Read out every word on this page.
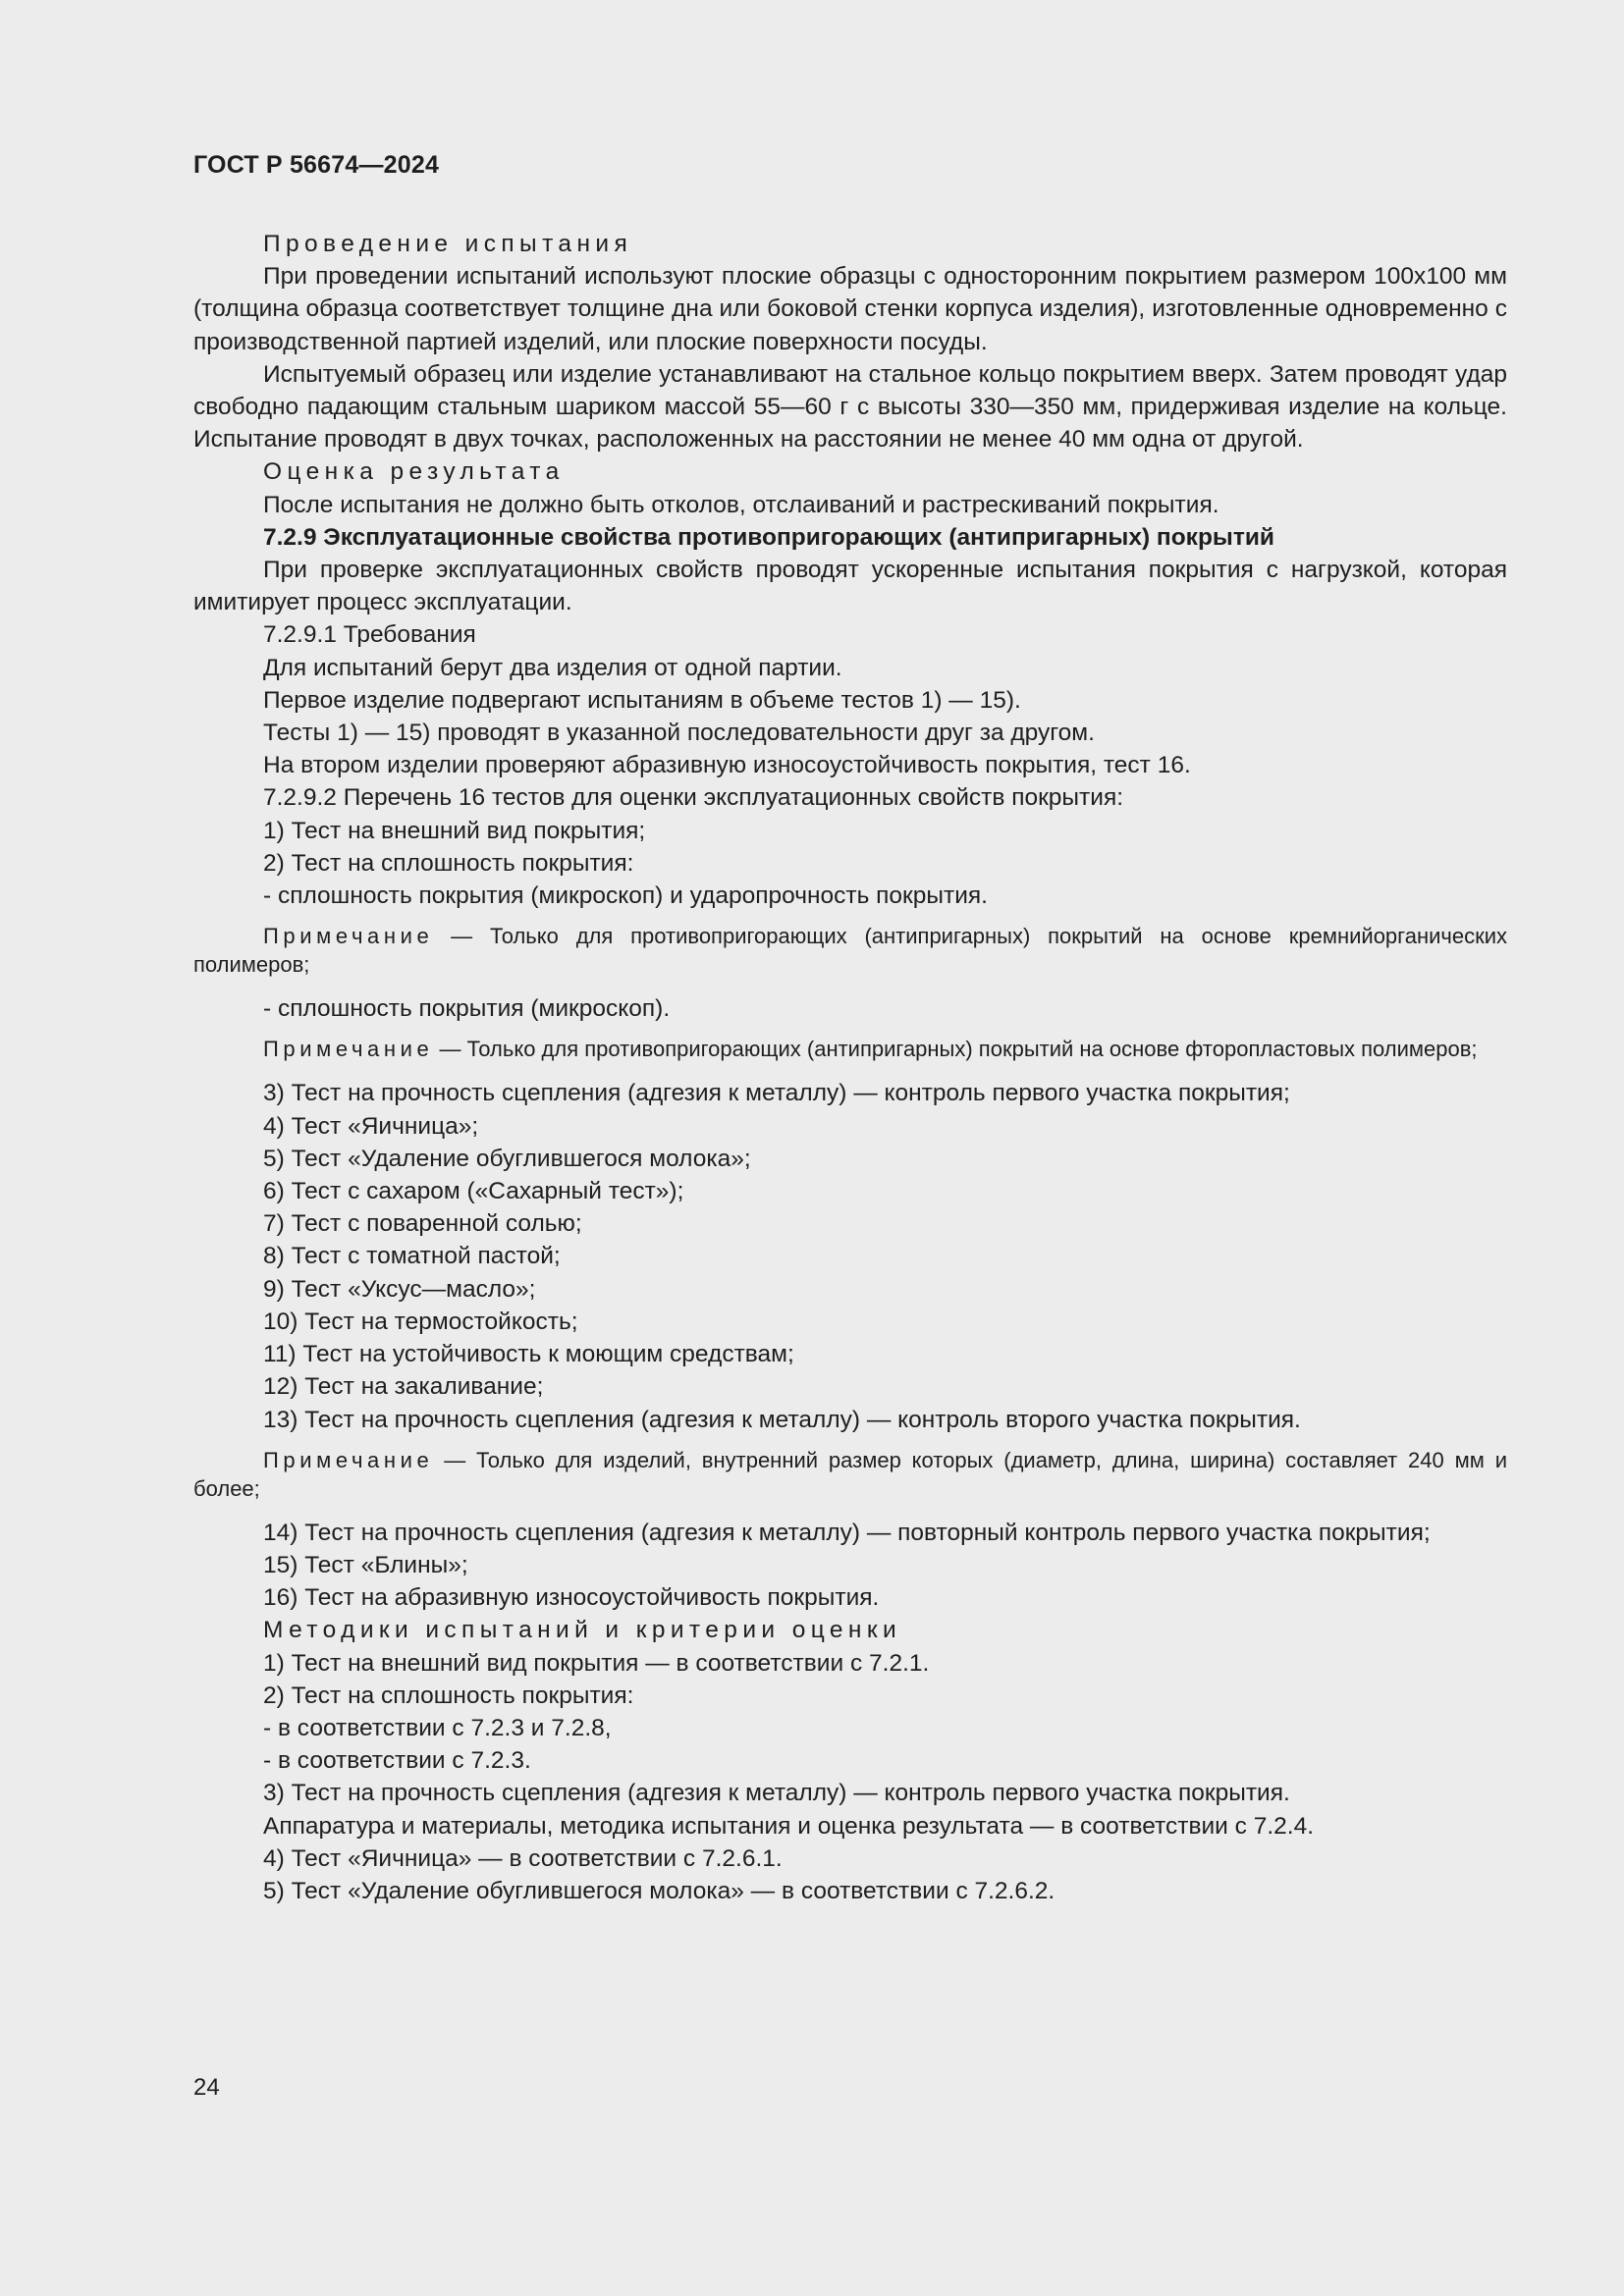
ГОСТ Р 56674—2024

Проведение испытания

При проведении испытаний используют плоские образцы с односторонним покрытием размером 100x100 мм (толщина образца соответствует толщине дна или боковой стенки корпуса изделия), изготовленные одновременно с производственной партией изделий, или плоские поверхности посуды.

Испытуемый образец или изделие устанавливают на стальное кольцо покрытием вверх. Затем проводят удар свободно падающим стальным шариком массой 55—60 г с высоты 330—350 мм, придерживая изделие на кольце. Испытание проводят в двух точках, расположенных на расстоянии не менее 40 мм одна от другой.

Оценка результата

После испытания не должно быть отколов, отслаиваний и растрескиваний покрытия.

7.2.9 Эксплуатационные свойства противопригорающих (антипригарных) покрытий

При проверке эксплуатационных свойств проводят ускоренные испытания покрытия с нагрузкой, которая имитирует процесс эксплуатации.

7.2.9.1 Требования

Для испытаний берут два изделия от одной партии.

Первое изделие подвергают испытаниям в объеме тестов 1) — 15).

Тесты 1) — 15) проводят в указанной последовательности друг за другом.

На втором изделии проверяют абразивную износоустойчивость покрытия, тест 16.

7.2.9.2 Перечень 16 тестов для оценки эксплуатационных свойств покрытия:

1) Тест на внешний вид покрытия;

2) Тест на сплошность покрытия:

- сплошность покрытия (микроскоп) и ударопрочность покрытия.

Примечание — Только для противопригорающих (антипригарных) покрытий на основе кремнийорганических полимеров;

- сплошность покрытия (микроскоп).

Примечание — Только для противопригорающих (антипригарных) покрытий на основе фторопластовых полимеров;

3) Тест на прочность сцепления (адгезия к металлу) — контроль первого участка покрытия;

4) Тест «Яичница»;

5) Тест «Удаление обуглившегося молока»;

6) Тест с сахаром («Сахарный тест»);

7) Тест с поваренной солью;

8) Тест с томатной пастой;

9) Тест «Уксус—масло»;

10) Тест на термостойкость;

11) Тест на устойчивость к моющим средствам;

12) Тест на закаливание;

13) Тест на прочность сцепления (адгезия к металлу) — контроль второго участка покрытия.

Примечание — Только для изделий, внутренний размер которых (диаметр, длина, ширина) составляет 240 мм и более;

14) Тест на прочность сцепления (адгезия к металлу) — повторный контроль первого участка покрытия;

15) Тест «Блины»;

16) Тест на абразивную износоустойчивость покрытия.

Методики испытаний и критерии оценки

1) Тест на внешний вид покрытия — в соответствии с 7.2.1.

2) Тест на сплошность покрытия:

- в соответствии с 7.2.3 и 7.2.8,

- в соответствии с 7.2.3.

3) Тест на прочность сцепления (адгезия к металлу) — контроль первого участка покрытия.

Аппаратура и материалы, методика испытания и оценка результата — в соответствии с 7.2.4.

4) Тест «Яичница» — в соответствии с 7.2.6.1.

5) Тест «Удаление обуглившегося молока» — в соответствии с 7.2.6.2.

24
